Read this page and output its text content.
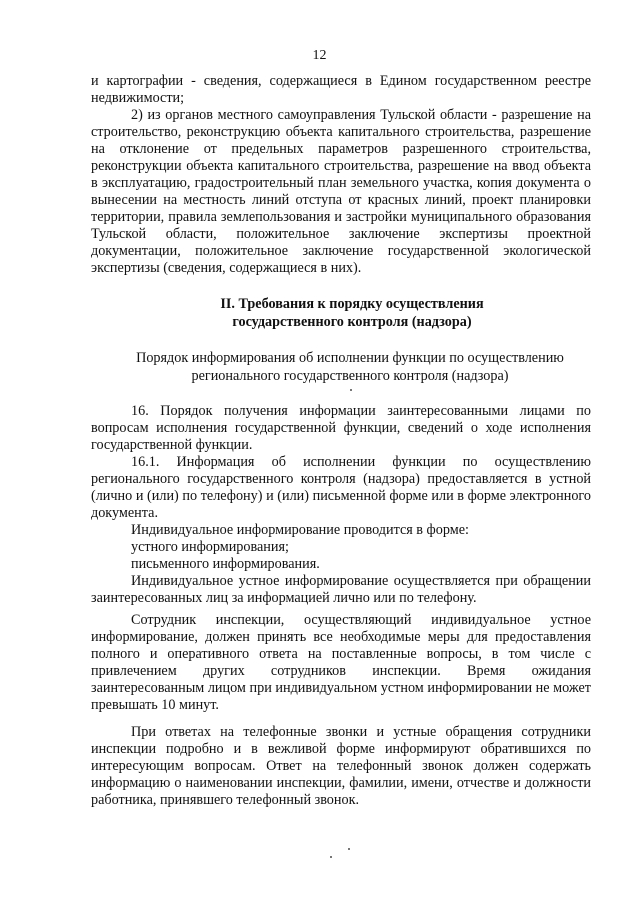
12

и картографии - сведения, содержащиеся в Едином государственном реестре недвижимости;

2) из органов местного самоуправления Тульской области - разрешение на строительство, реконструкцию объекта капитального строительства, разрешение на отклонение от предельных параметров разрешенного строительства, реконструкции объекта капитального строительства, разрешение на ввод объекта в эксплуатацию, градостроительный план земельного участка, копия документа о вынесении на местность линий отступа от красных линий, проект планировки территории, правила землепользования и застройки муниципального образования Тульской области, положительное заключение экспертизы проектной документации, положительное заключение государственной экологической экспертизы (сведения, содержащиеся в них).

II. Требования к порядку осуществления
государственного контроля (надзора)
Порядок информирования об исполнении функции по осуществлению
регионального государственного контроля (надзора)

16. Порядок получения информации заинтересованными лицами по вопросам исполнения государственной функции, сведений о ходе исполнения государственной функции.

16.1. Информация об исполнении функции по осуществлению регионального государственного контроля (надзора) предоставляется в устной (лично и (или) по телефону) и (или) письменной форме или в форме электронного документа.

Индивидуальное информирование проводится в форме:

устного информирования;

письменного информирования.

Индивидуальное устное информирование осуществляется при обращении заинтересованных лиц за информацией лично или по телефону.

Сотрудник инспекции, осуществляющий индивидуальное устное информирование, должен принять все необходимые меры для предоставления полного и оперативного ответа на поставленные вопросы, в том числе с привлечением других сотрудников инспекции. Время ожидания заинтересованным лицом при индивидуальном устном информировании не может превышать 10 минут.

При ответах на телефонные звонки и устные обращения сотрудники инспекции подробно и в вежливой форме информируют обратившихся по интересующим вопросам. Ответ на телефонный звонок должен содержать информацию о наименовании инспекции, фамилии, имени, отчестве и должности работника, принявшего телефонный звонок.
